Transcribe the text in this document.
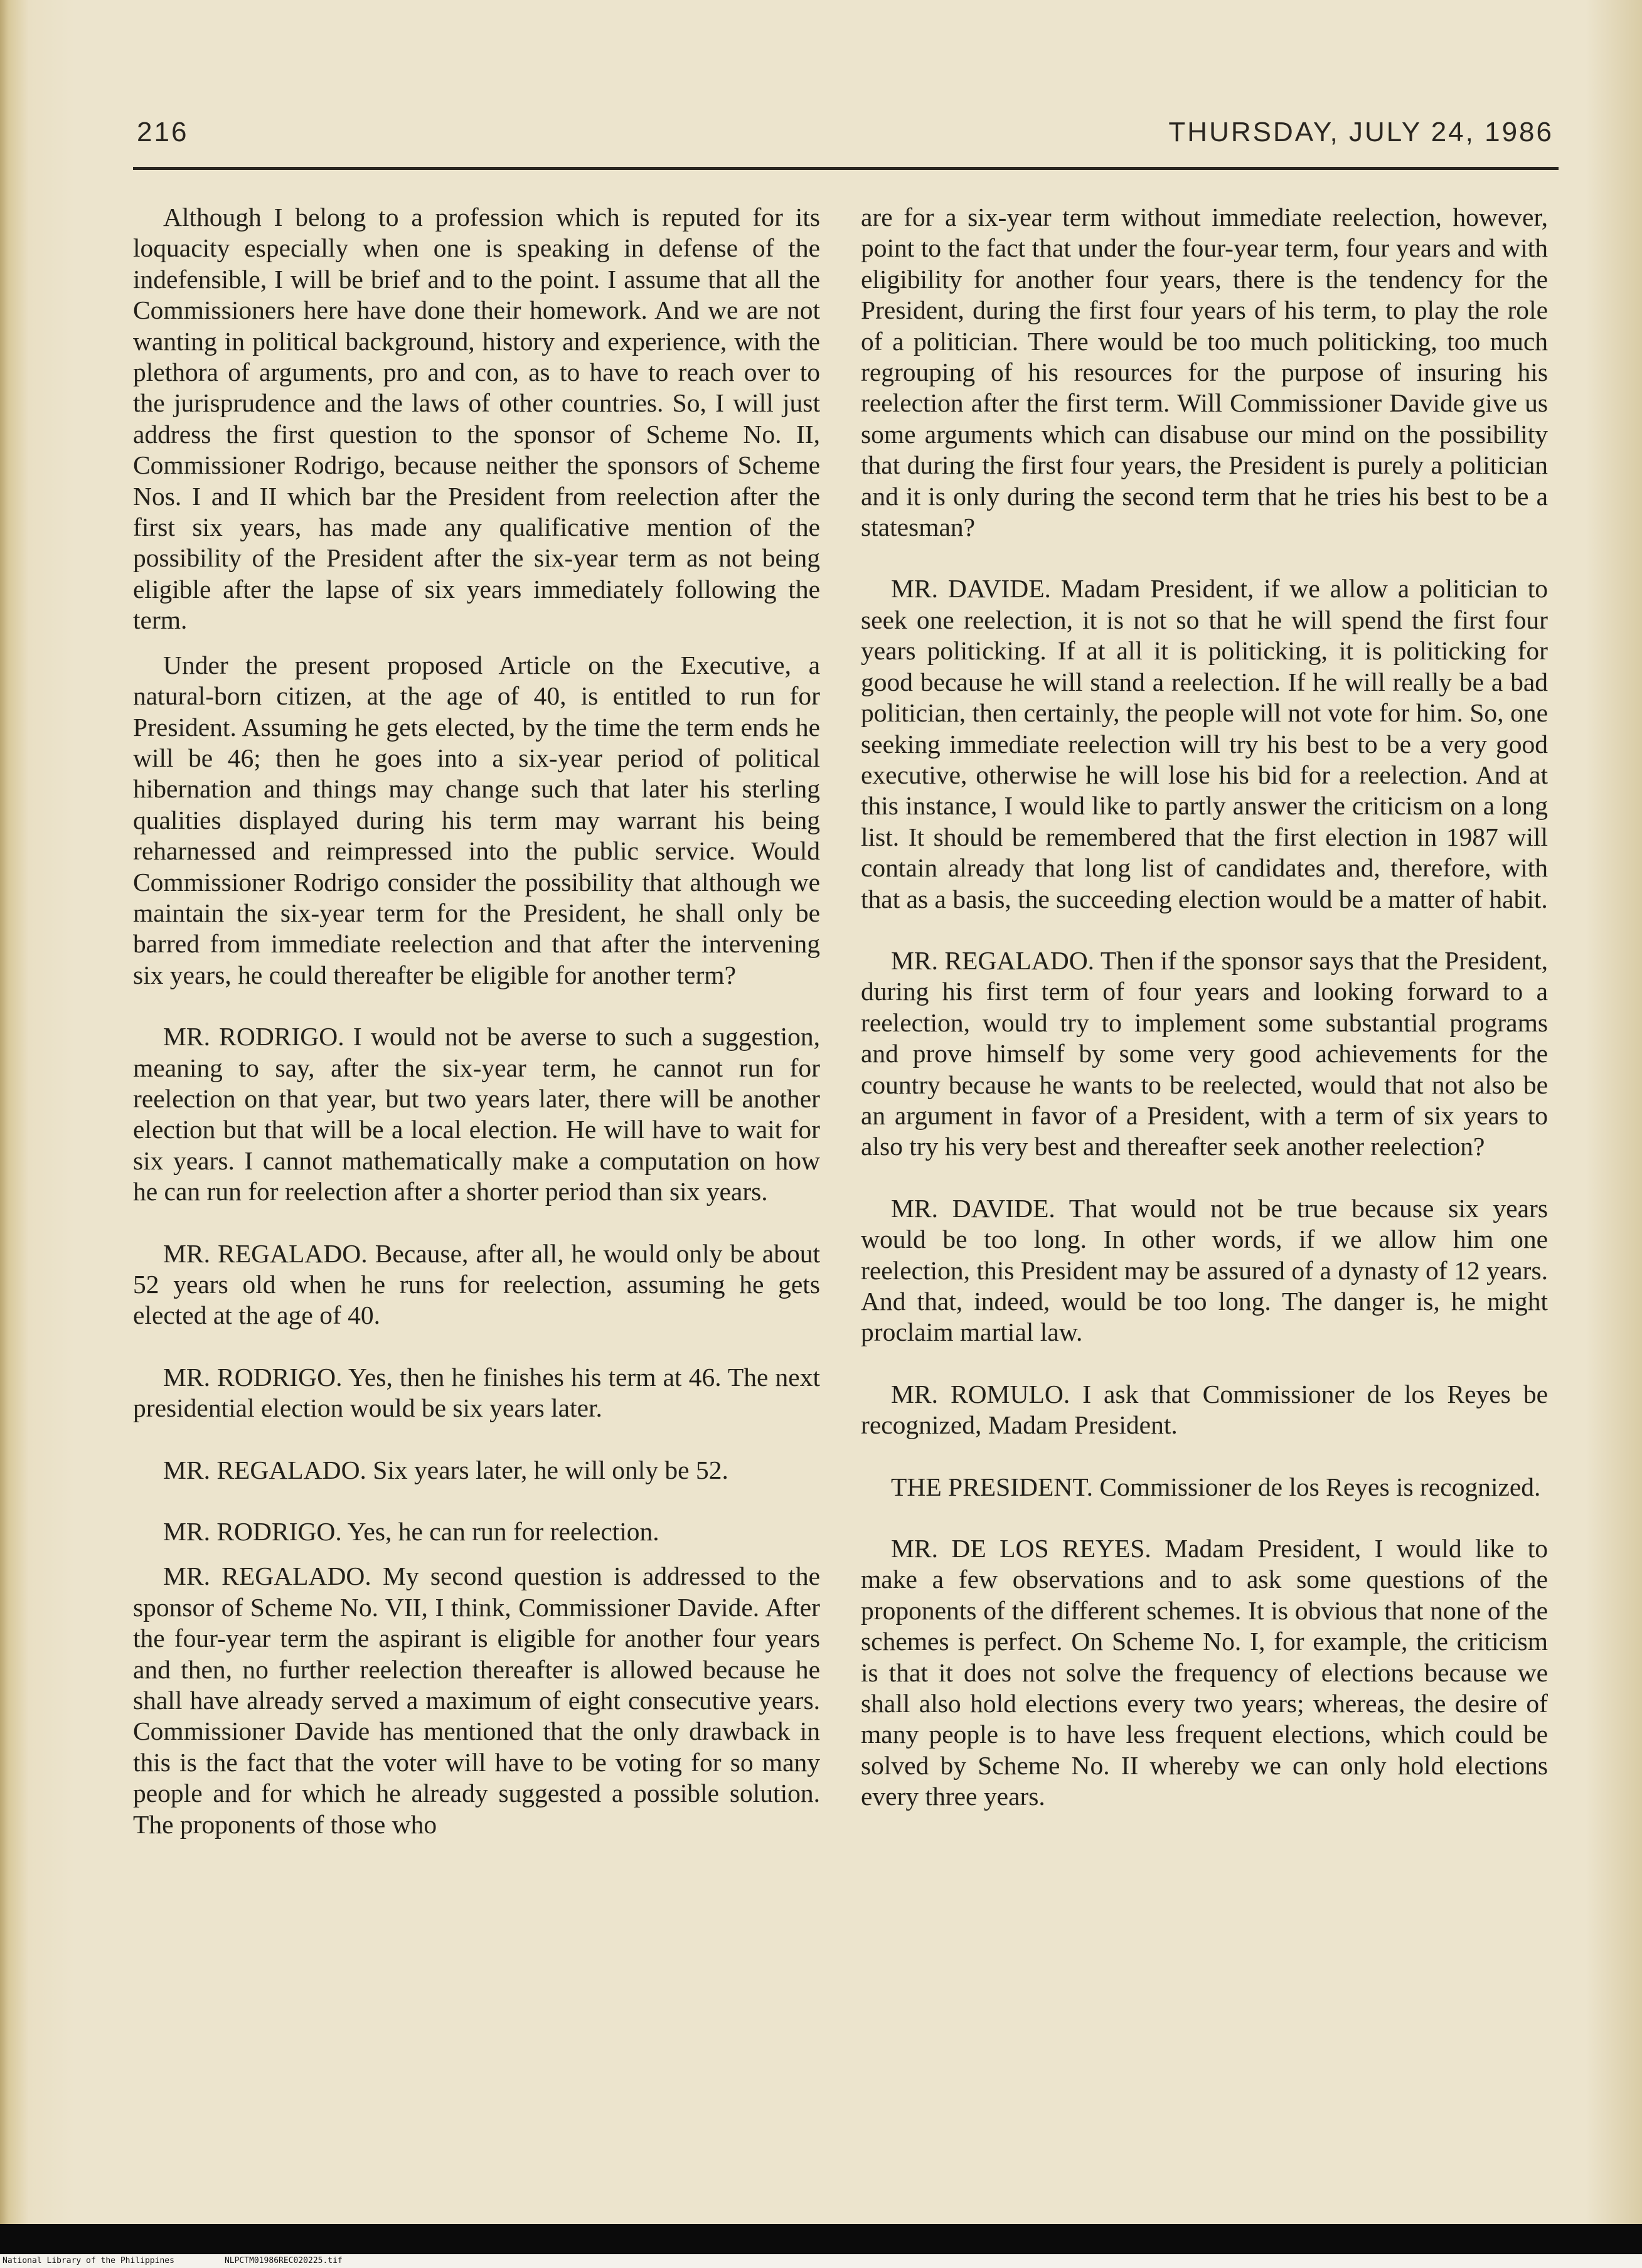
216	THURSDAY, JULY 24, 1986

Although I belong to a profession which is reputed for its loquacity especially when one is speaking in defense of the indefensible, I will be brief and to the point. I assume that all the Commissioners here have done their homework. And we are not wanting in political background, history and experience, with the plethora of arguments, pro and con, as to have to reach over to the jurisprudence and the laws of other countries. So, I will just address the first question to the sponsor of Scheme No. II, Commissioner Rodrigo, because neither the sponsors of Scheme Nos. I and II which bar the President from reelection after the first six years, has made any qualificative mention of the possibility of the President after the six-year term as not being eligible after the lapse of six years immediately following the term.

Under the present proposed Article on the Executive, a natural-born citizen, at the age of 40, is entitled to run for President. Assuming he gets elected, by the time the term ends he will be 46; then he goes into a six-year period of political hibernation and things may change such that later his sterling qualities displayed during his term may warrant his being reharnessed and reimpressed into the public service. Would Commissioner Rodrigo consider the possibility that although we maintain the six-year term for the President, he shall only be barred from immediate reelection and that after the intervening six years, he could thereafter be eligible for another term?

MR. RODRIGO. I would not be averse to such a suggestion, meaning to say, after the six-year term, he cannot run for reelection on that year, but two years later, there will be another election but that will be a local election. He will have to wait for six years. I cannot mathematically make a computation on how he can run for reelection after a shorter period than six years.

MR. REGALADO. Because, after all, he would only be about 52 years old when he runs for reelection, assuming he gets elected at the age of 40.

MR. RODRIGO. Yes, then he finishes his term at 46. The next presidential election would be six years later.

MR. REGALADO. Six years later, he will only be 52.

MR. RODRIGO. Yes, he can run for reelection.

MR. REGALADO. My second question is addressed to the sponsor of Scheme No. VII, I think, Commissioner Davide. After the four-year term the aspirant is eligible for another four years and then, no further reelection thereafter is allowed because he shall have already served a maximum of eight consecutive years. Commissioner Davide has mentioned that the only drawback in this is the fact that the voter will have to be voting for so many people and for which he already suggested a possible solution. The proponents of those who

are for a six-year term without immediate reelection, however, point to the fact that under the four-year term, four years and with eligibility for another four years, there is the tendency for the President, during the first four years of his term, to play the role of a politician. There would be too much politicking, too much regrouping of his resources for the purpose of insuring his reelection after the first term. Will Commissioner Davide give us some arguments which can disabuse our mind on the possibility that during the first four years, the President is purely a politician and it is only during the second term that he tries his best to be a statesman?

MR. DAVIDE. Madam President, if we allow a politician to seek one reelection, it is not so that he will spend the first four years politicking. If at all it is politicking, it is politicking for good because he will stand a reelection. If he will really be a bad politician, then certainly, the people will not vote for him. So, one seeking immediate reelection will try his best to be a very good executive, otherwise he will lose his bid for a reelection. And at this instance, I would like to partly answer the criticism on a long list. It should be remembered that the first election in 1987 will contain already that long list of candidates and, therefore, with that as a basis, the succeeding election would be a matter of habit.

MR. REGALADO. Then if the sponsor says that the President, during his first term of four years and looking forward to a reelection, would try to implement some substantial programs and prove himself by some very good achievements for the country because he wants to be reelected, would that not also be an argument in favor of a President, with a term of six years to also try his very best and thereafter seek another reelection?

MR. DAVIDE. That would not be true because six years would be too long. In other words, if we allow him one reelection, this President may be assured of a dynasty of 12 years. And that, indeed, would be too long. The danger is, he might proclaim martial law.

MR. ROMULO. I ask that Commissioner de los Reyes be recognized, Madam President.

THE PRESIDENT. Commissioner de los Reyes is recognized.

MR. DE LOS REYES. Madam President, I would like to make a few observations and to ask some questions of the proponents of the different schemes. It is obvious that none of the schemes is perfect. On Scheme No. I, for example, the criticism is that it does not solve the frequency of elections because we shall also hold elections every two years; whereas, the desire of many people is to have less frequent elections, which could be solved by Scheme No. II whereby we can only hold elections every three years.

National Library of the Philippines	NLPCTM01986REC020225.tif
